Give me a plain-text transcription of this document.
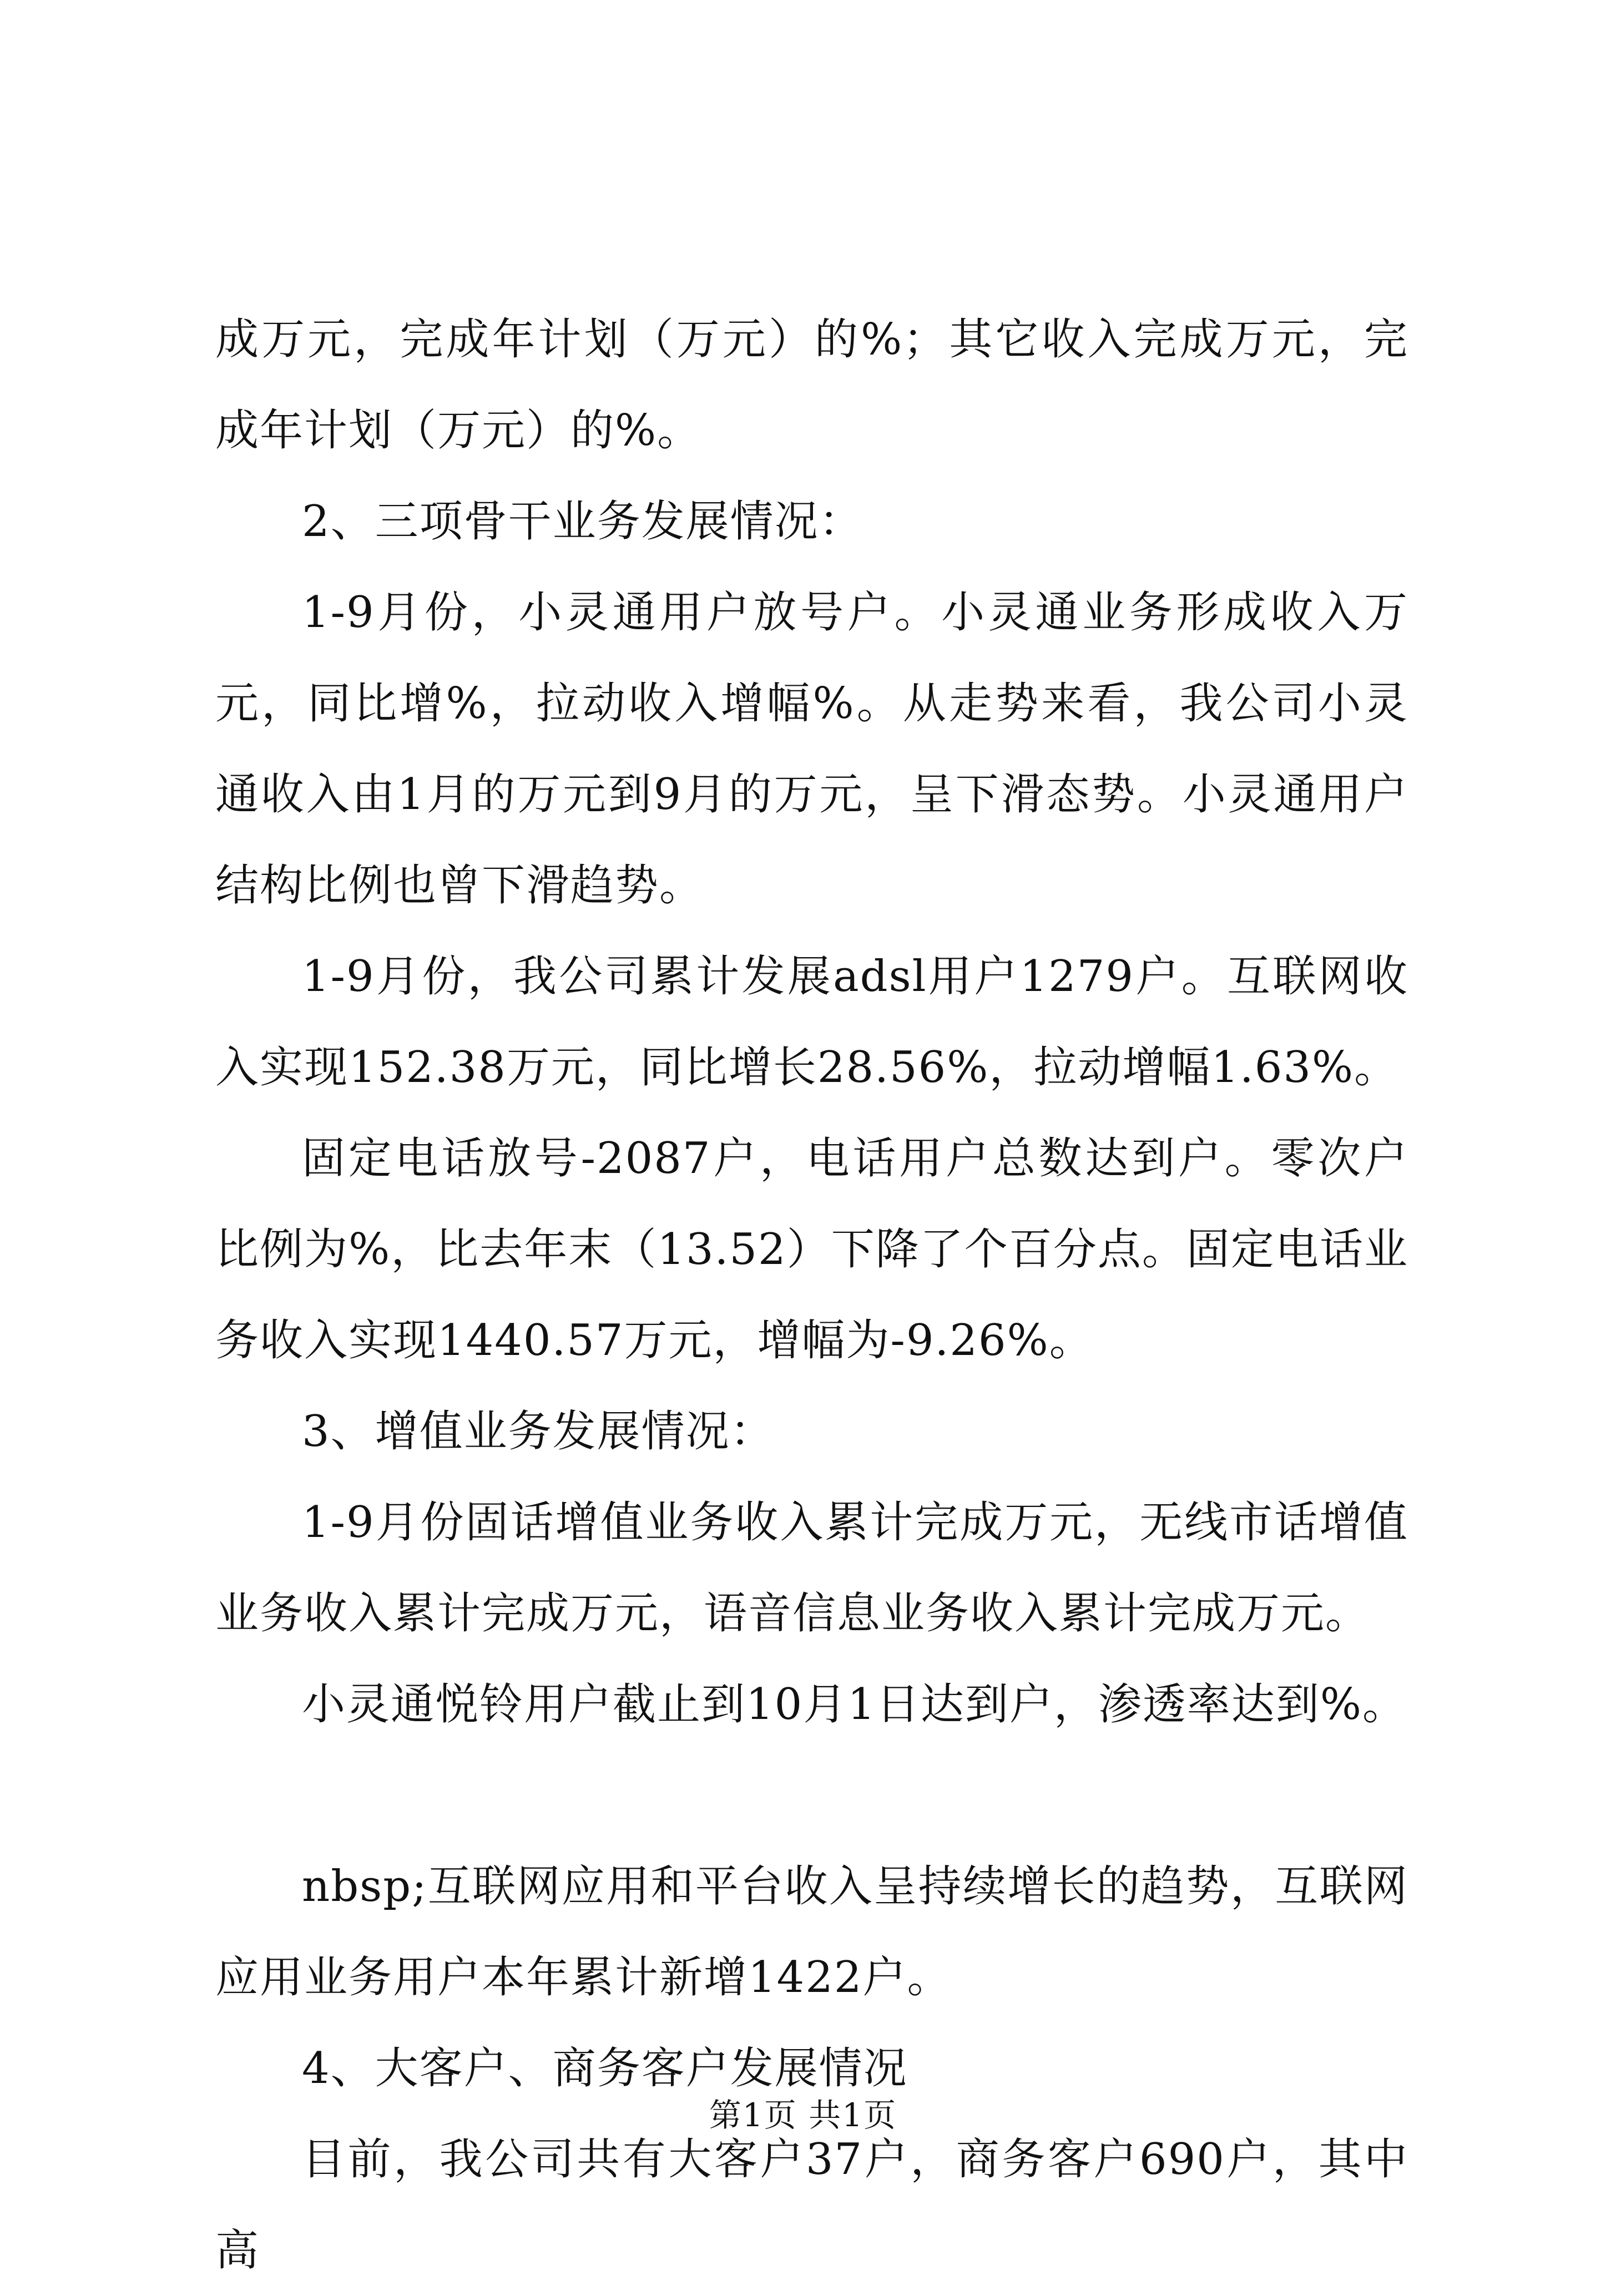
成万元，完成年计划（万元）的%；其它收入完成万元，完成年计划（万元）的%。

2、三项骨干业务发展情况：

1-9月份，小灵通用户放号户。小灵通业务形成收入万元，同比增%，拉动收入增幅%。从走势来看，我公司小灵通收入由1月的万元到9月的万元，呈下滑态势。小灵通用户结构比例也曾下滑趋势。

1-9月份，我公司累计发展adsl用户1279户。互联网收入实现152.38万元，同比增长28.56%，拉动增幅1.63%。

固定电话放号-2087户，电话用户总数达到户。零次户比例为%，比去年末（13.52）下降了个百分点。固定电话业务收入实现1440.57万元，增幅为-9.26%。

3、增值业务发展情况：

1-9月份固话增值业务收入累计完成万元，无线市话增值业务收入累计完成万元，语音信息业务收入累计完成万元。

小灵通悦铃用户截止到10月1日达到户，渗透率达到%。

nbsp;互联网应用和平台收入呈持续增长的趋势，互联网应用业务用户本年累计新增1422户。

4、大客户、商务客户发展情况

目前，我公司共有大客户37户，商务客户690户，其中高

第1页 共1页
